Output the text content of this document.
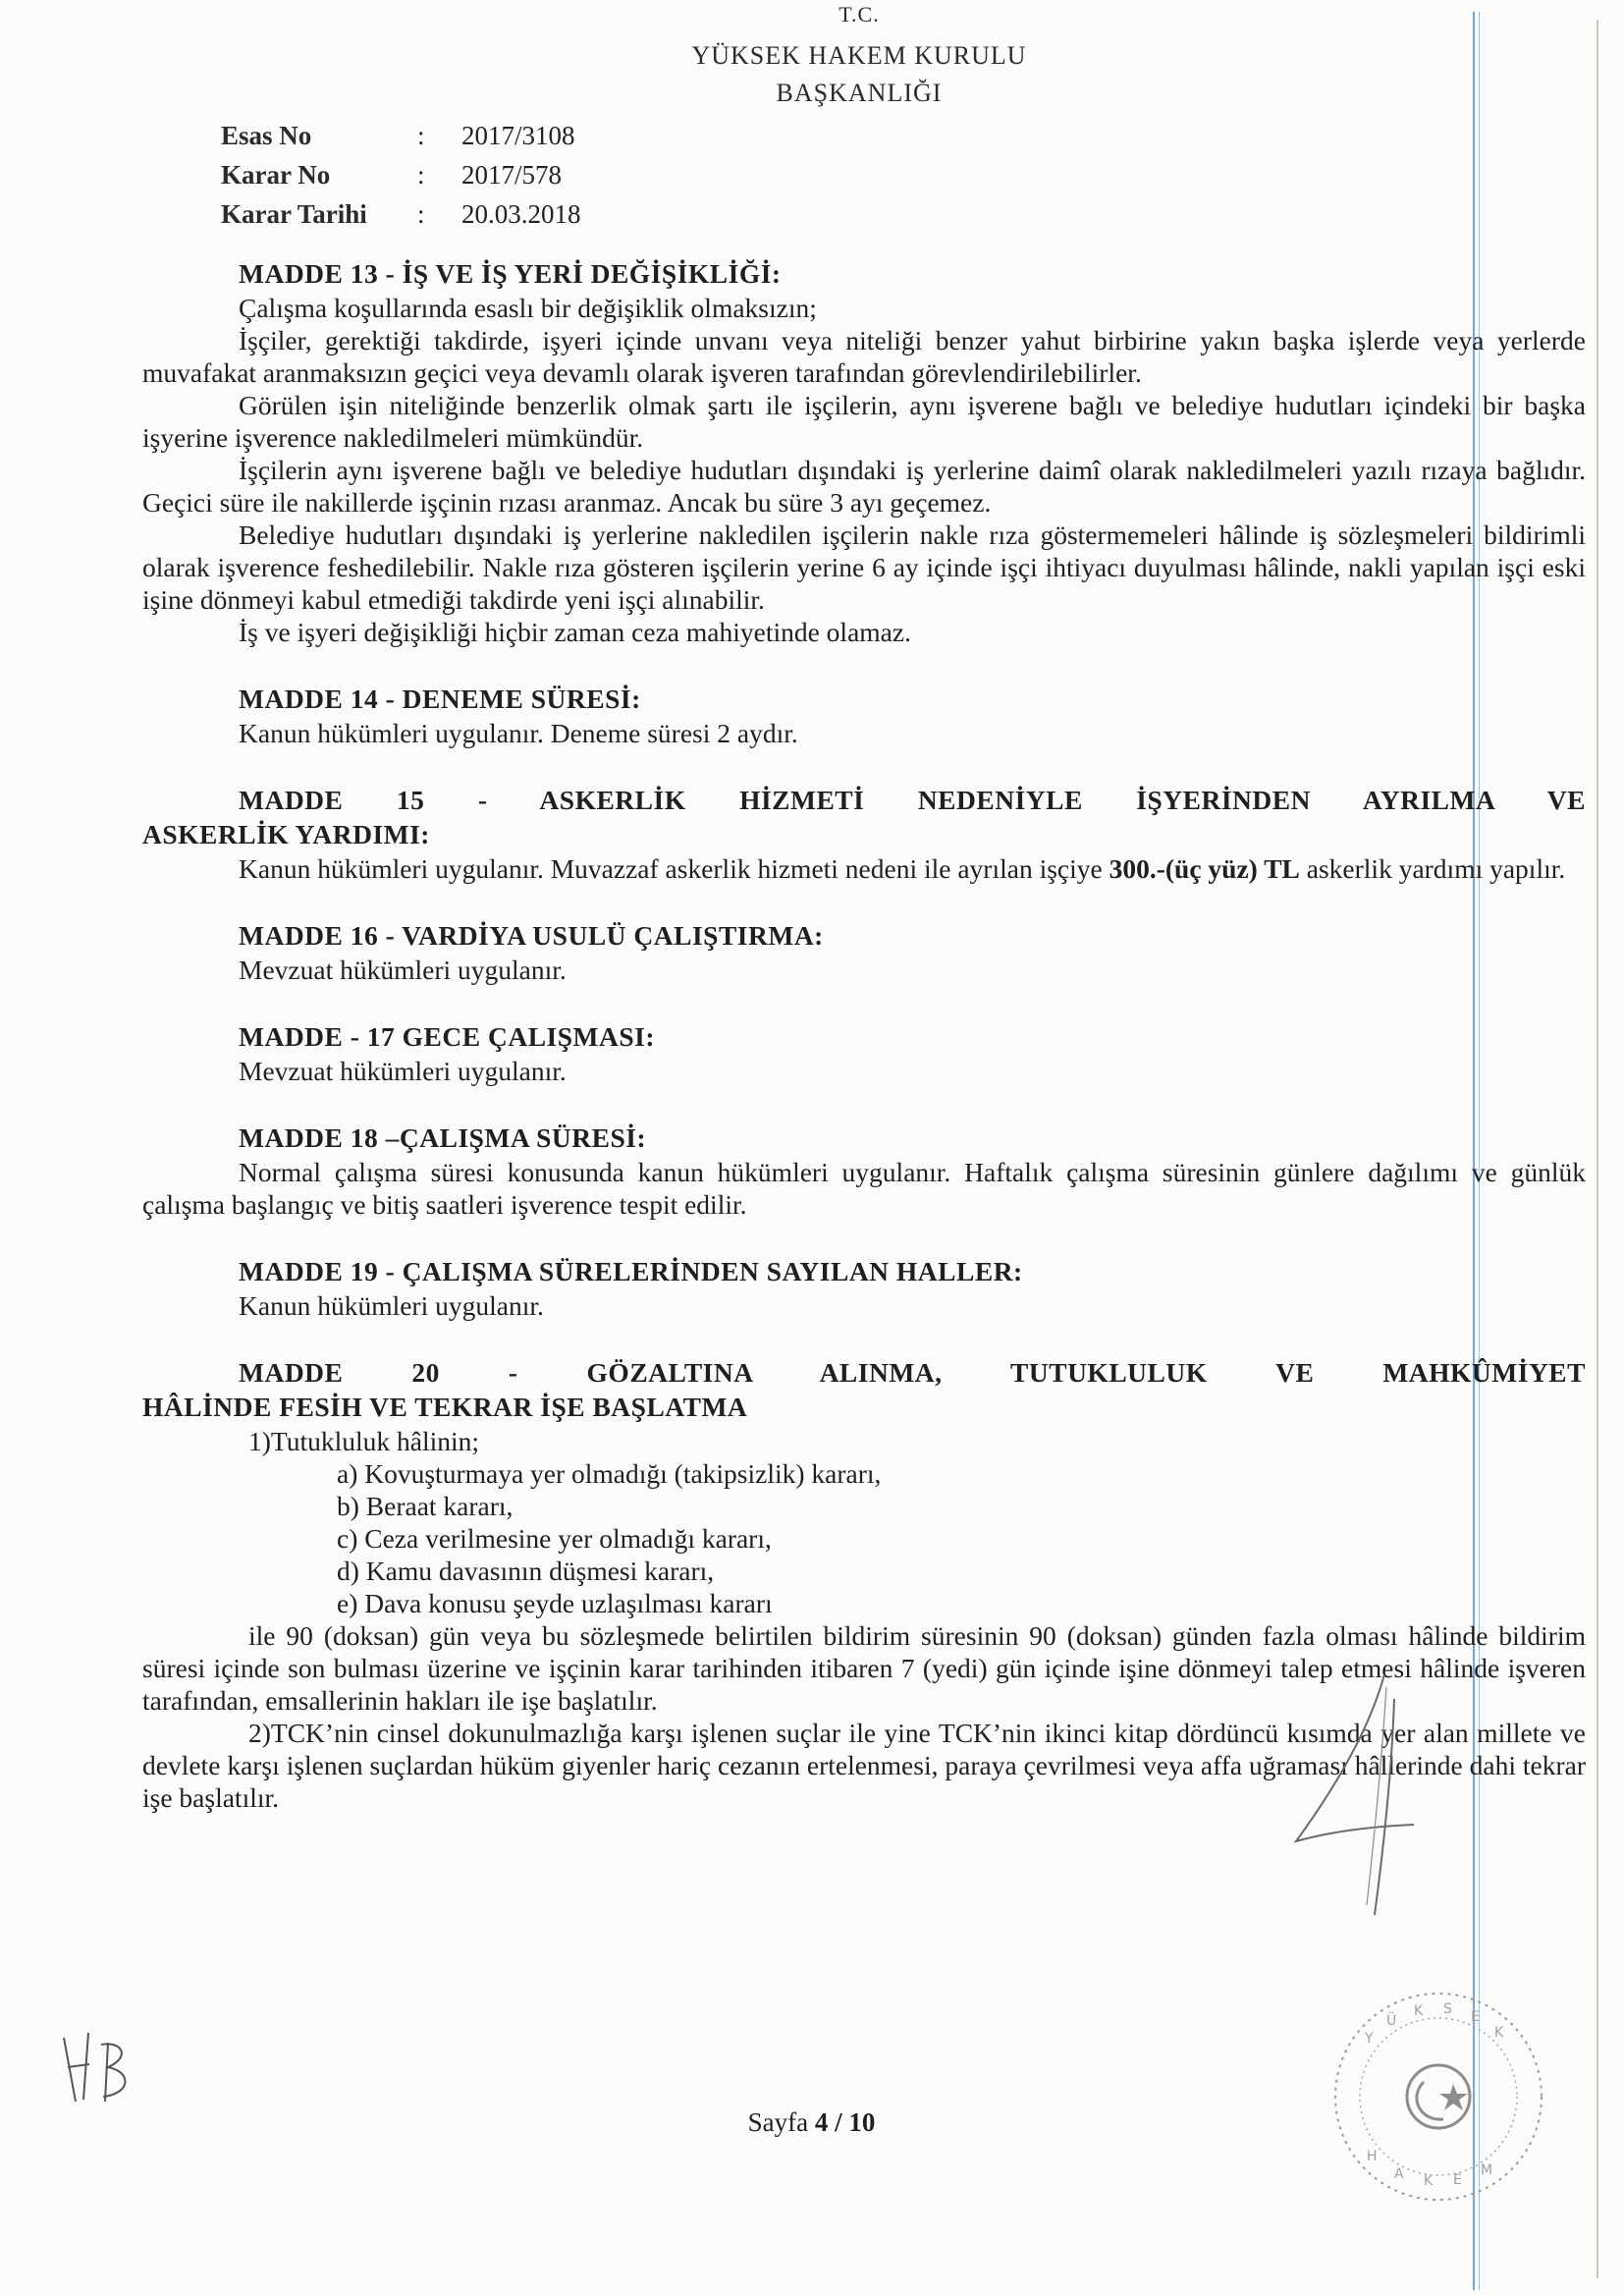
T.C.
YÜKSEK HAKEM KURULU
BAŞKANLIĞI
Esas No	:	2017/3108
Karar No	:	2017/578
Karar Tarihi	:	20.03.2018
MADDE 13 - İŞ VE İŞ YERİ DEĞİŞİKLİĞİ:

Çalışma koşullarında esaslı bir değişiklik olmaksızın;

İşçiler, gerektiği takdirde, işyeri içinde unvanı veya niteliği benzer yahut birbirine yakın başka işlerde veya yerlerde muvafakat aranmaksızın geçici veya devamlı olarak işveren tarafından görevlendirilebilirler.

Görülen işin niteliğinde benzerlik olmak şartı ile işçilerin, aynı işverene bağlı ve belediye hudutları içindeki bir başka işyerine işverence nakledilmeleri mümkündür.

İşçilerin aynı işverene bağlı ve belediye hudutları dışındaki iş yerlerine daimî olarak nakledilmeleri yazılı rızaya bağlıdır. Geçici süre ile nakillerde işçinin rızası aranmaz. Ancak bu süre 3 ayı geçemez.

Belediye hudutları dışındaki iş yerlerine nakledilen işçilerin nakle rıza göstermemeleri hâlinde iş sözleşmeleri bildirimli olarak işverence feshedilebilir. Nakle rıza gösteren işçilerin yerine 6 ay içinde işçi ihtiyacı duyulması hâlinde, nakli yapılan işçi eski işine dönmeyi kabul etmediği takdirde yeni işçi alınabilir.

İş ve işyeri değişikliği hiçbir zaman ceza mahiyetinde olamaz.

MADDE 14 - DENEME SÜRESİ:

Kanun hükümleri uygulanır. Deneme süresi 2 aydır.

MADDE 15 - ASKERLİK HİZMETİ NEDENİYLE İŞYERİNDEN AYRILMA VE
ASKERLİK YARDIMI:

Kanun hükümleri uygulanır. Muvazzaf askerlik hizmeti nedeni ile ayrılan işçiye 300.-(üç yüz) TL askerlik yardımı yapılır.

MADDE 16 - VARDİYA USULÜ ÇALIŞTIRMA:

Mevzuat hükümleri uygulanır.

MADDE - 17 GECE ÇALIŞMASI:

Mevzuat hükümleri uygulanır.

MADDE 18 –ÇALIŞMA SÜRESİ:

Normal çalışma süresi konusunda kanun hükümleri uygulanır. Haftalık çalışma süresinin günlere dağılımı ve günlük çalışma başlangıç ve bitiş saatleri işverence tespit edilir.

MADDE 19 - ÇALIŞMA SÜRELERİNDEN SAYILAN HALLER:

Kanun hükümleri uygulanır.

MADDE 20 - GÖZALTINA ALINMA, TUTUKLULUK VE MAHKÛMİYET
HÂLİNDE FESİH VE TEKRAR İŞE BAŞLATMA

1)Tutukluluk hâlinin;

a) Kovuşturmaya yer olmadığı (takipsizlik) kararı,

b) Beraat kararı,

c) Ceza verilmesine yer olmadığı kararı,

d) Kamu davasının düşmesi kararı,

e) Dava konusu şeyde uzlaşılması kararı

ile 90 (doksan) gün veya bu sözleşmede belirtilen bildirim süresinin 90 (doksan) günden fazla olması hâlinde bildirim süresi içinde son bulması üzerine ve işçinin karar tarihinden itibaren 7 (yedi) gün içinde işine dönmeyi talep etmesi hâlinde işveren tarafından, emsallerinin hakları ile işe başlatılır.

2)TCK’nin cinsel dokunulmazlığa karşı işlenen suçlar ile yine TCK’nin ikinci kitap dördüncü kısımda yer alan millete ve devlete karşı işlenen suçlardan hüküm giyenler hariç cezanın ertelenmesi, paraya çevrilmesi veya affa uğraması hâllerinde dahi tekrar işe başlatılır.

Sayfa 4 / 10
Y
Ü
K S E
K
H
A K E
M
